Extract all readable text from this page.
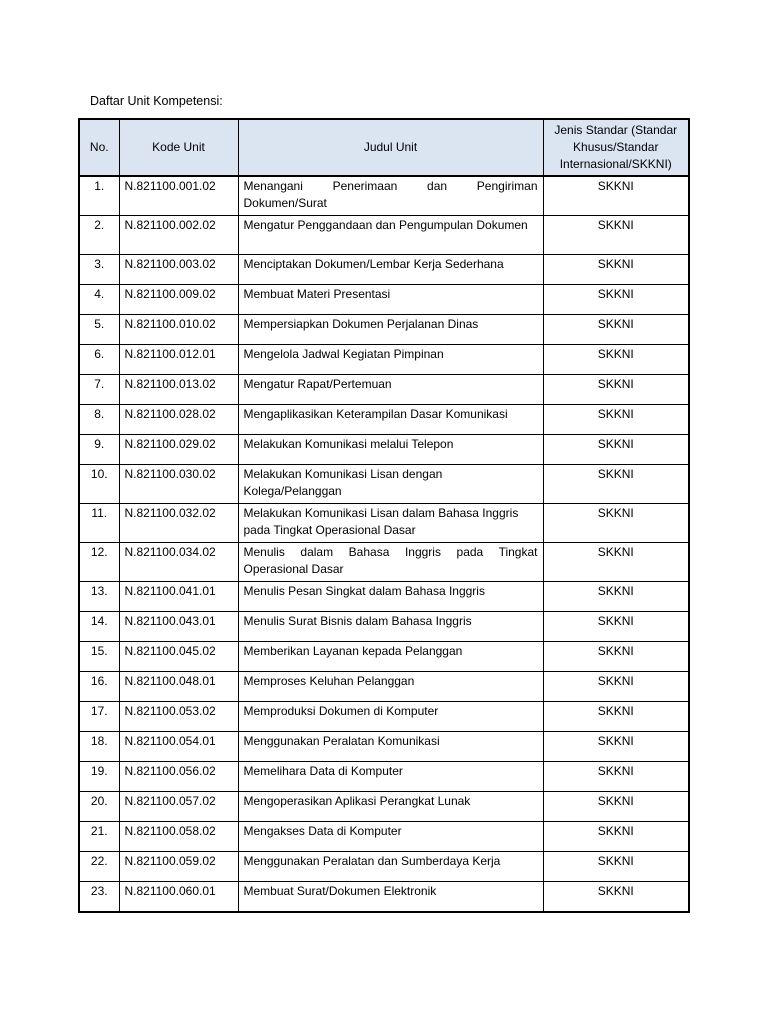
Daftar Unit Kompetensi:
No.	Kode Unit	Judul Unit	Jenis Standar (Standar Khusus/Standar Internasional/SKKNI)
1.	N.821100.001.02	Menangani Penerimaan dan Pengiriman Dokumen/Surat	SKKNI
2.	N.821100.002.02	Mengatur Penggandaan dan Pengumpulan Dokumen	SKKNI
3.	N.821100.003.02	Menciptakan Dokumen/Lembar Kerja Sederhana	SKKNI
4.	N.821100.009.02	Membuat Materi Presentasi	SKKNI
5.	N.821100.010.02	Mempersiapkan Dokumen Perjalanan Dinas	SKKNI
6.	N.821100.012.01	Mengelola Jadwal Kegiatan Pimpinan	SKKNI
7.	N.821100.013.02	Mengatur Rapat/Pertemuan	SKKNI
8.	N.821100.028.02	Mengaplikasikan Keterampilan Dasar Komunikasi	SKKNI
9.	N.821100.029.02	Melakukan Komunikasi melalui Telepon	SKKNI
10.	N.821100.030.02	Melakukan Komunikasi Lisan dengan Kolega/Pelanggan	SKKNI
11.	N.821100.032.02	Melakukan Komunikasi Lisan dalam Bahasa Inggris pada Tingkat Operasional Dasar	SKKNI
12.	N.821100.034.02	Menulis dalam Bahasa Inggris pada Tingkat Operasional Dasar	SKKNI
13.	N.821100.041.01	Menulis Pesan Singkat dalam Bahasa Inggris	SKKNI
14.	N.821100.043.01	Menulis Surat Bisnis dalam Bahasa Inggris	SKKNI
15.	N.821100.045.02	Memberikan Layanan kepada Pelanggan	SKKNI
16.	N.821100.048.01	Memproses Keluhan Pelanggan	SKKNI
17.	N.821100.053.02	Memproduksi Dokumen di Komputer	SKKNI
18.	N.821100.054.01	Menggunakan Peralatan Komunikasi	SKKNI
19.	N.821100.056.02	Memelihara Data di Komputer	SKKNI
20.	N.821100.057.02	Mengoperasikan Aplikasi Perangkat Lunak	SKKNI
21.	N.821100.058.02	Mengakses Data di Komputer	SKKNI
22.	N.821100.059.02	Menggunakan Peralatan dan Sumberdaya Kerja	SKKNI
23.	N.821100.060.01	Membuat Surat/Dokumen Elektronik	SKKNI
